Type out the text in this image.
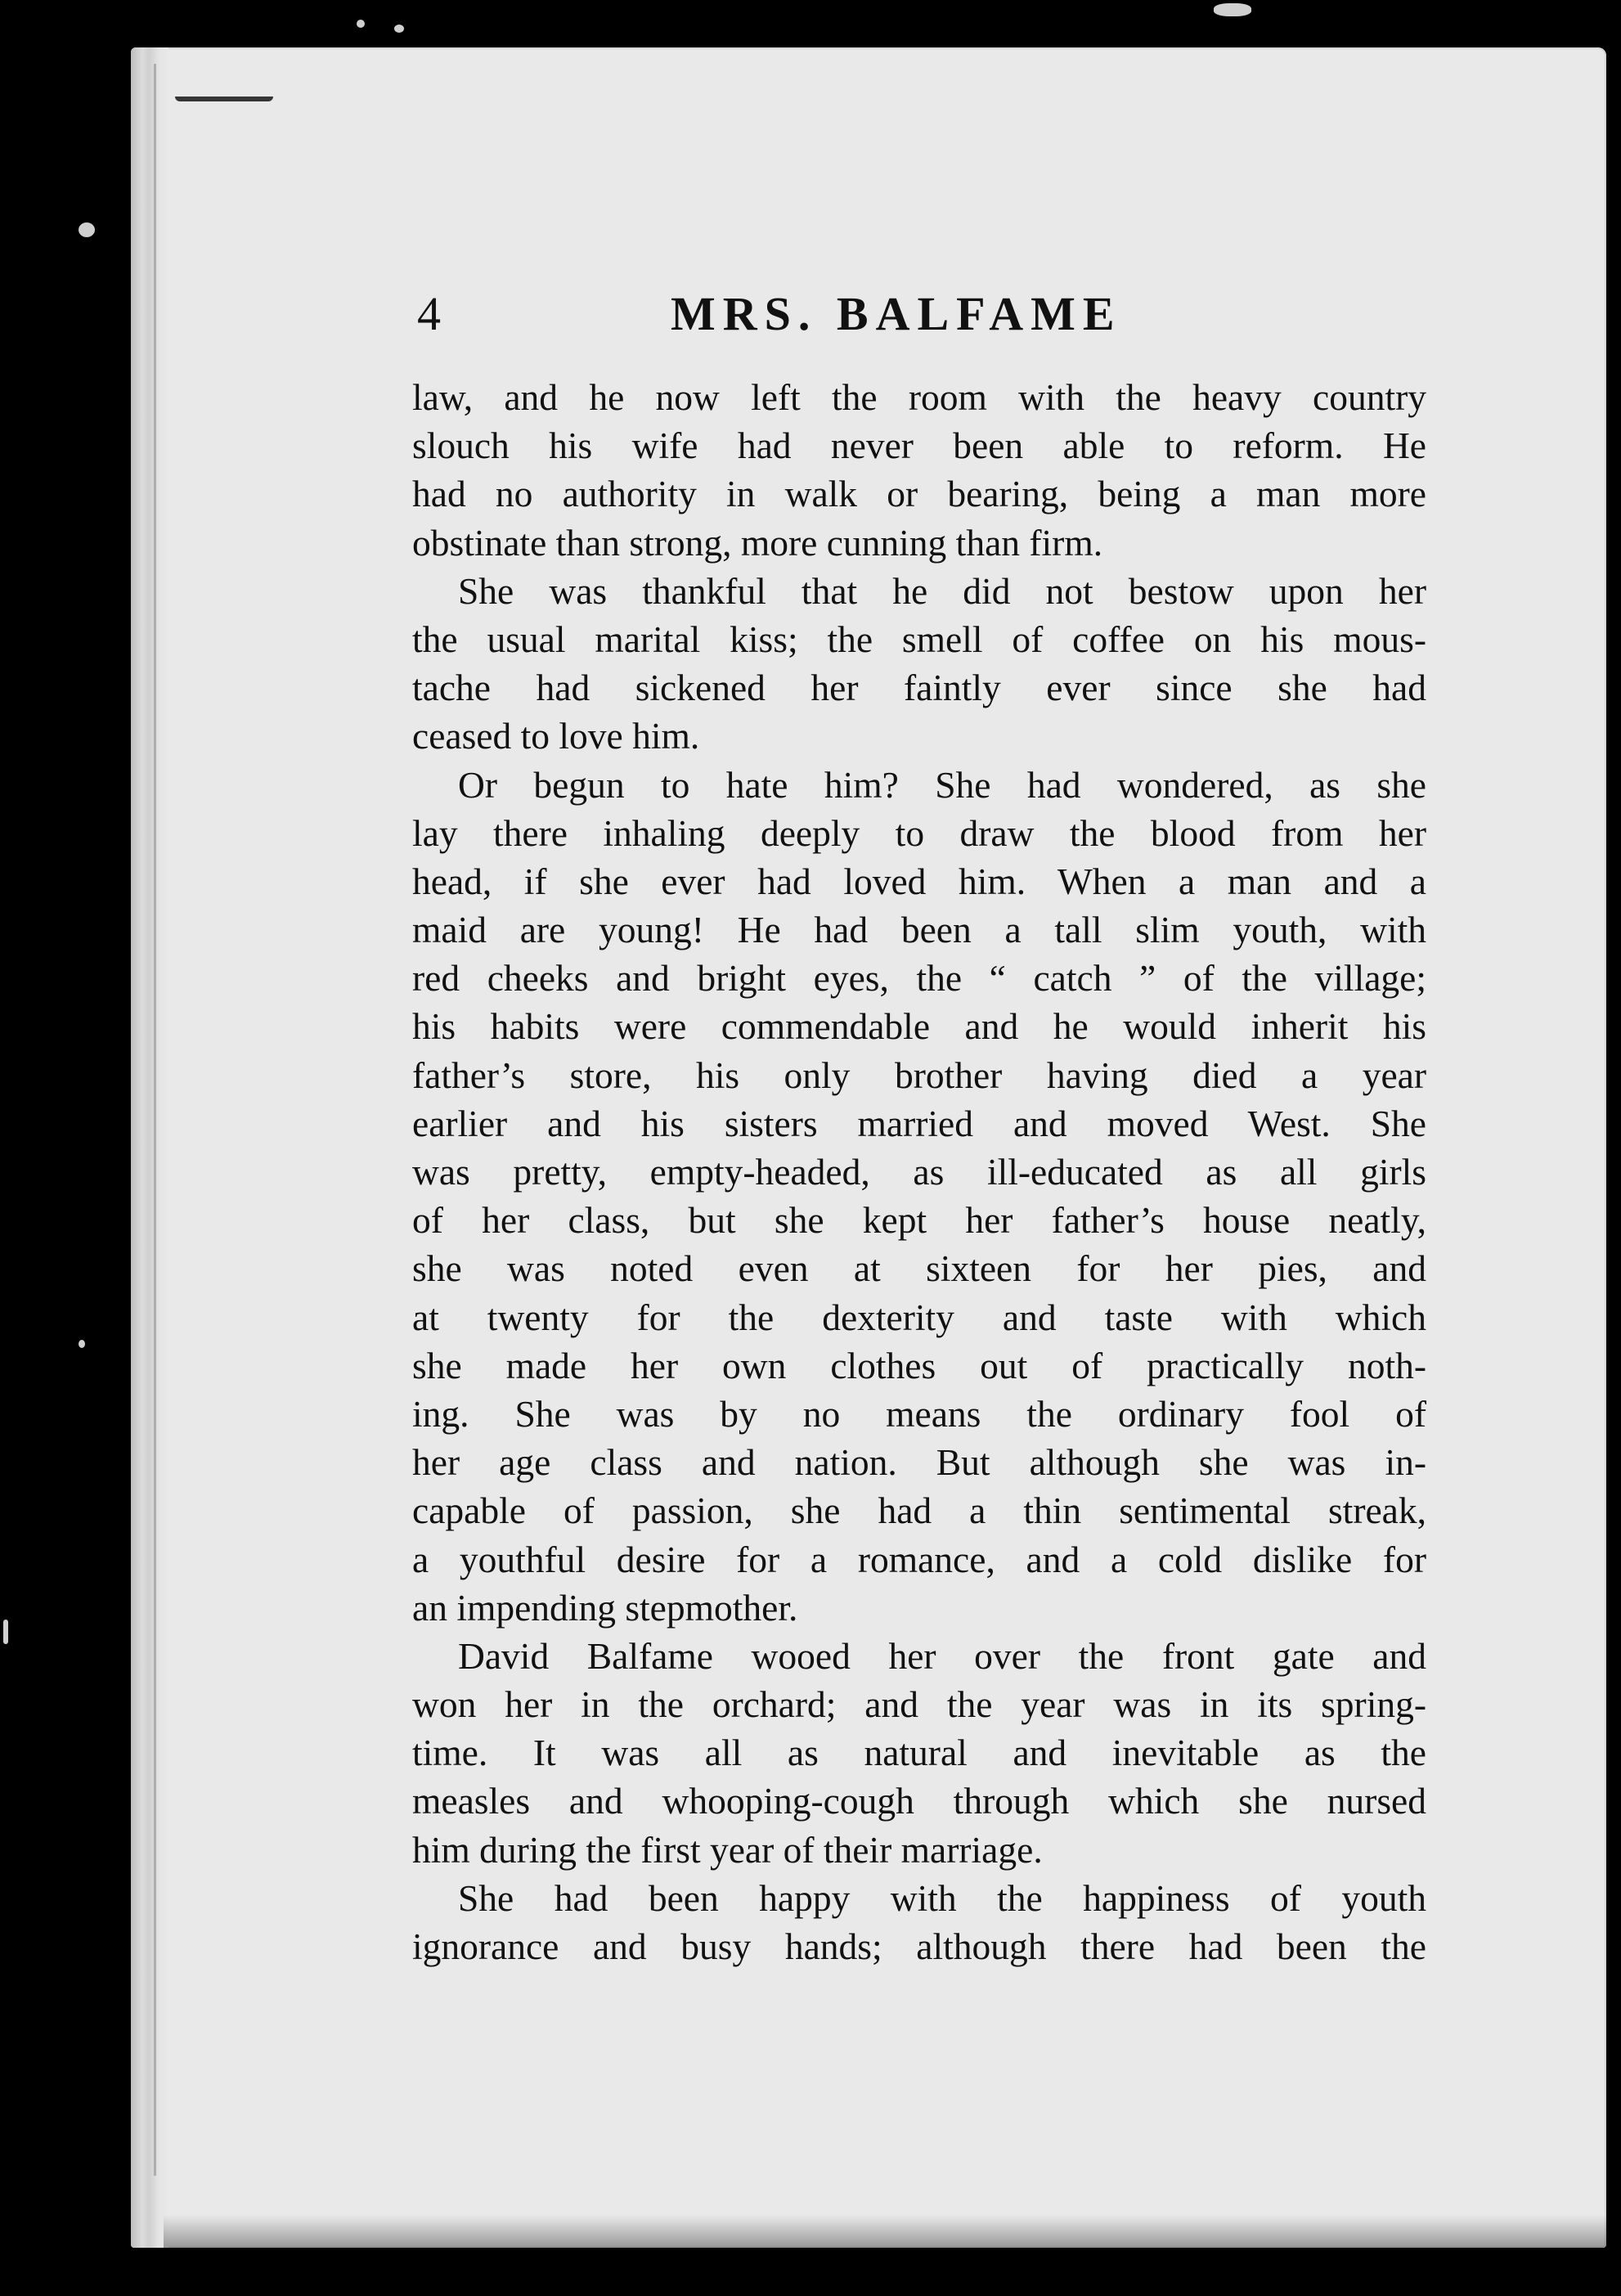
4	MRS. BALFAME
law, and he now left the room with the heavy country
slouch his wife had never been able to reform. He
had no authority in walk or bearing, being a man more
obstinate than strong, more cunning than firm.
She was thankful that he did not bestow upon her
the usual marital kiss; the smell of coffee on his mous-
tache had sickened her faintly ever since she had
ceased to love him.
Or begun to hate him? She had wondered, as she
lay there inhaling deeply to draw the blood from her
head, if she ever had loved him. When a man and a
maid are young! He had been a tall slim youth, with
red cheeks and bright eyes, the “ catch ” of the village;
his habits were commendable and he would inherit his
father’s store, his only brother having died a year
earlier and his sisters married and moved West. She
was pretty, empty-headed, as ill-educated as all girls
of her class, but she kept her father’s house neatly,
she was noted even at sixteen for her pies, and
at twenty for the dexterity and taste with which
she made her own clothes out of practically noth-
ing. She was by no means the ordinary fool of
her age class and nation. But although she was in-
capable of passion, she had a thin sentimental streak,
a youthful desire for a romance, and a cold dislike for
an impending stepmother.
David Balfame wooed her over the front gate and
won her in the orchard; and the year was in its spring-
time. It was all as natural and inevitable as the
measles and whooping-cough through which she nursed
him during the first year of their marriage.
She had been happy with the happiness of youth
ignorance and busy hands; although there had been the
